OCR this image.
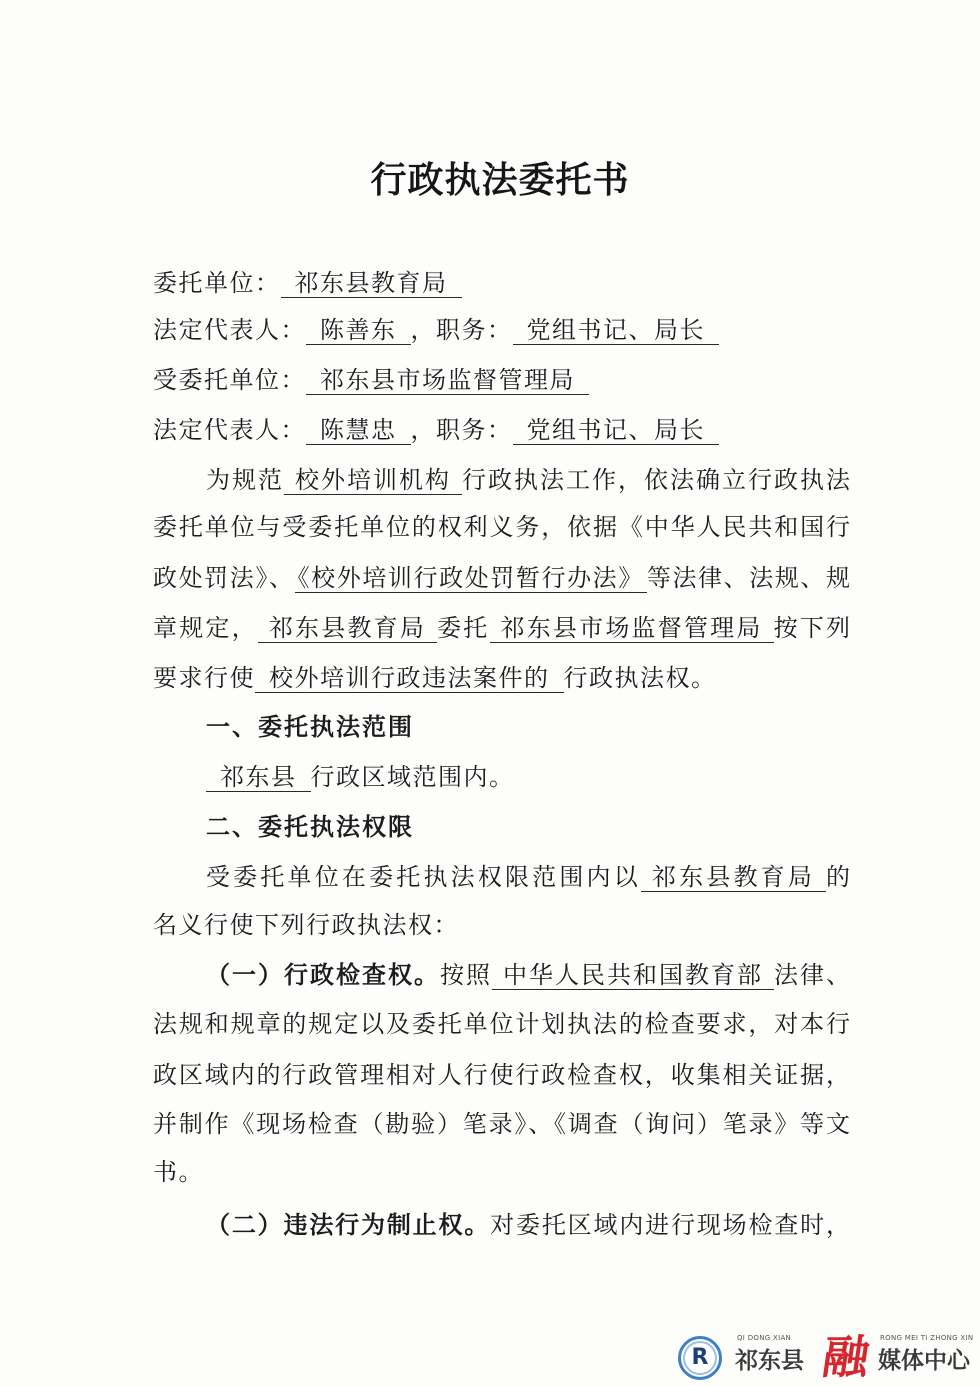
行政执法委托书
委托单位： 祁东县教育局
法定代表人： 陈善东 ，职务： 党组书记、局长
受委托单位： 祁东县市场监督管理局
法定代表人： 陈慧忠 ，职务： 党组书记、局长
为规范 校外培训机构 行政执法工作，依法确立行政执法
委托单位与受委托单位的权利义务，依据《中华人民共和国行
政处罚法》、 《校外培训行政处罚暂行办法》 等法律、法规、规
章规定， 祁东县教育局 委托 祁东县市场监督管理局 按下列
要求行使 校外培训行政违法案件的 行政执法权。
一、委托执法范围
祁东县 行政区域范围内。
二、委托执法权限
受委托单位在委托执法权限范围内以 祁东县教育局 的
名义行使下列行政执法权：
（一）行政检查权。按照 中华人民共和国教育部 法律、
法规和规章的规定以及委托单位计划执法的检查要求，对本行
政区域内的行政管理相对人行使行政检查权，收集相关证据，
并制作《现场检查（勘验）笔录》、《调查（询问）笔录》等文
书。
（二）违法行为制止权。对委托区域内进行现场检查时，
R
QI DONG XIAN
祁东县 融	RONG MEI TI ZHONG XIN
媒体中心
